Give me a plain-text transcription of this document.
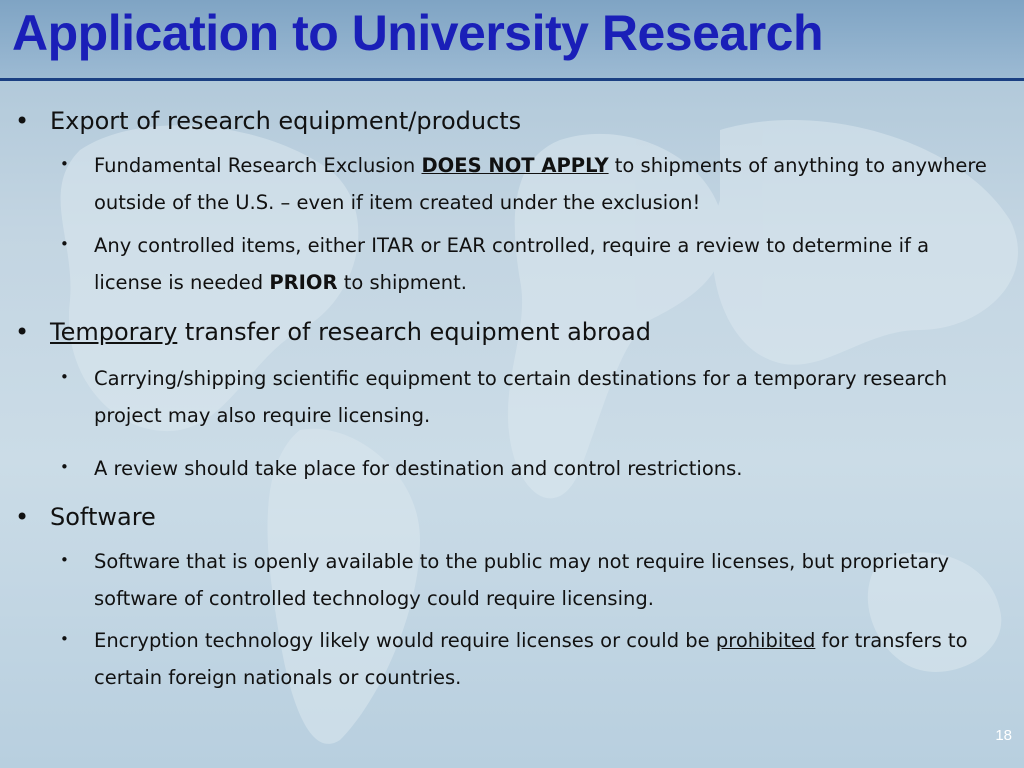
Application to University Research
• Export of research equipment/products
• Fundamental Research Exclusion DOES NOT APPLY to shipments of anything to anywhere outside of the U.S. – even if item created under the exclusion!
• Any controlled items, either ITAR or EAR controlled, require a review to determine if a license is needed PRIOR to shipment.
• Temporary transfer of research equipment abroad
• Carrying/shipping scientific equipment to certain destinations for a temporary research project may also require licensing.
• A review should take place for destination and control restrictions.
• Software
• Software that is openly available to the public may not require licenses, but proprietary software of controlled technology could require licensing.
• Encryption technology likely would require licenses or could be prohibited for transfers to certain foreign nationals or countries.
18
